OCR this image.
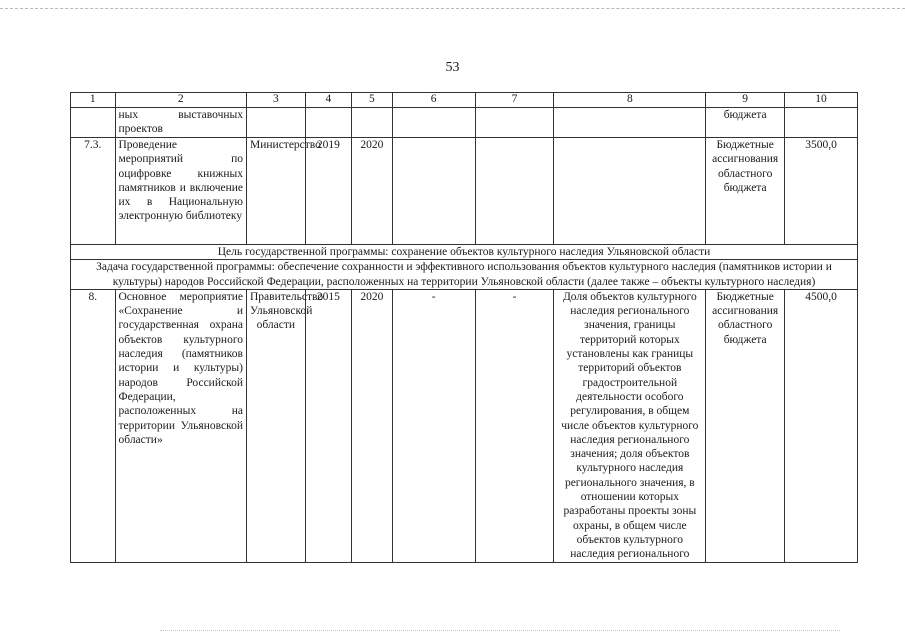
53
1	2	3	4	5	6	7	8	9	10
	ных выставочных проектов							бюджета	
7.3.	Проведение мероприятий по оцифровке книжных памятников и включение их в Национальную электронную библиотеку	Министерство	2019	2020				Бюджетные ассигнования областного бюджета	3500,0
Цель государственной программы: сохранение объектов культурного наследия Ульяновской области									
Задача государственной программы: обеспечение сохранности и эффективного использования объектов культурного наследия (памятников истории и культуры) народов Российской Федерации, расположенных на территории Ульяновской области (далее также – объекты культурного наследия)									
8.	Основное мероприятие «Сохранение и государственная охрана объектов культурного наследия (памятников истории и культуры) народов Российской Федерации, расположенных на территории Ульяновской области»	Правительство Ульяновской области	2015	2020	-	-	Доля объектов культурного наследия регионального значения, границы территорий которых установлены как границы территорий объектов градостроительной деятельности особого регулирования, в общем числе объектов культурного наследия регионального значения; доля объектов культурного наследия регионального значения, в отношении которых разработаны проекты зоны охраны, в общем числе объектов культурного наследия регионального	Бюджетные ассигнования областного бюджета	4500,0
